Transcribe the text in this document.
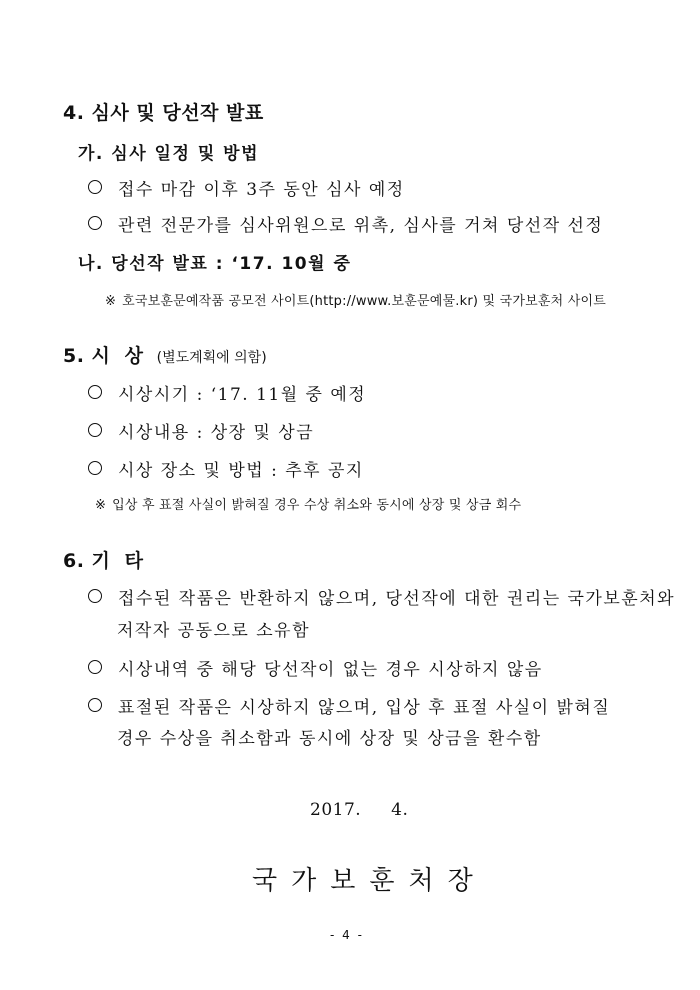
4. 심사 및 당선작 발표
가. 심사 일정 및 방법
접수 마감 이후 3주 동안 심사 예정
관련 전문가를 심사위원으로 위촉, 심사를 거쳐 당선작 선정
나. 당선작 발표 : ‘17. 10월 중
※ 호국보훈문예작품 공모전 사이트(http://www.보훈문예물.kr) 및 국가보훈처 사이트
5. 시  상 (별도계획에 의함)
시상시기 : ‘17. 11월 중 예정
시상내용 : 상장 및 상금
시상 장소 및 방법 : 추후 공지
※ 입상 후 표절 사실이 밝혀질 경우 수상 취소와 동시에 상장 및 상금 회수
6. 기  타
접수된 작품은 반환하지 않으며, 당선작에 대한 권리는 국가보훈처와
저작자 공동으로 소유함
시상내역 중 해당 당선작이 없는 경우 시상하지 않음
표절된 작품은 시상하지 않으며, 입상 후 표절 사실이 밝혀질
경우 수상을 취소함과 동시에 상장 및 상금을 환수함
2017. 4.
국가보훈처장
- 4 -
